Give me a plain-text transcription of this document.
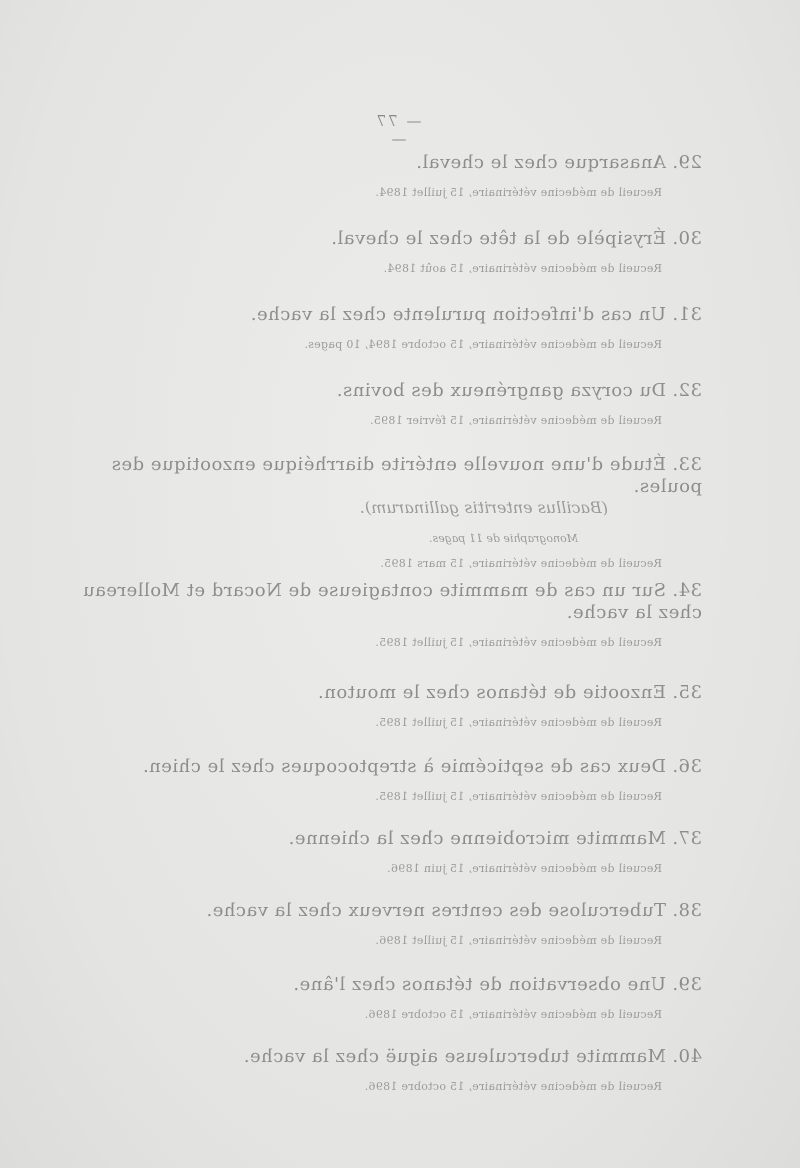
— 77 —
29.Anasarque chez le cheval.
Recueil de médecine vétérinaire, 15 juillet 1894.
30.Érysipèle de la tête chez le cheval.
Recueil de médecine vétérinaire, 15 août 1894.
31.Un cas d'infection purulente chez la vache.
Recueil de médecine vétérinaire, 15 octobre 1894, 10 pages.
32.Du coryza gangréneux des bovins.
Recueil de médecine vétérinaire, 15 février 1895.
33.Étude d'une nouvelle entérite diarrhéique enzootique des poules.
(Bacillus enteritis gallinarum).
Monographie de 11 pages.
Recueil de médecine vétérinaire, 15 mars 1895.
34.Sur un cas de mammite contagieuse de Nocard et Mollereau chez la vache.
Recueil de médecine vétérinaire, 15 juillet 1895.
35.Enzootie de tétanos chez le mouton.
Recueil de médecine vétérinaire, 15 juillet 1895.
36.Deux cas de septicémie à streptocoques chez le chien.
Recueil de médecine vétérinaire, 15 juillet 1895.
37.Mammite microbienne chez la chienne.
Recueil de médecine vétérinaire, 15 juin 1896.
38.Tuberculose des centres nerveux chez la vache.
Recueil de médecine vétérinaire, 15 juillet 1896.
39.Une observation de tétanos chez l'âne.
Recueil de médecine vétérinaire, 15 octobre 1896.
40.Mammite tuberculeuse aiguë chez la vache.
Recueil de médecine vétérinaire, 15 octobre 1896.
